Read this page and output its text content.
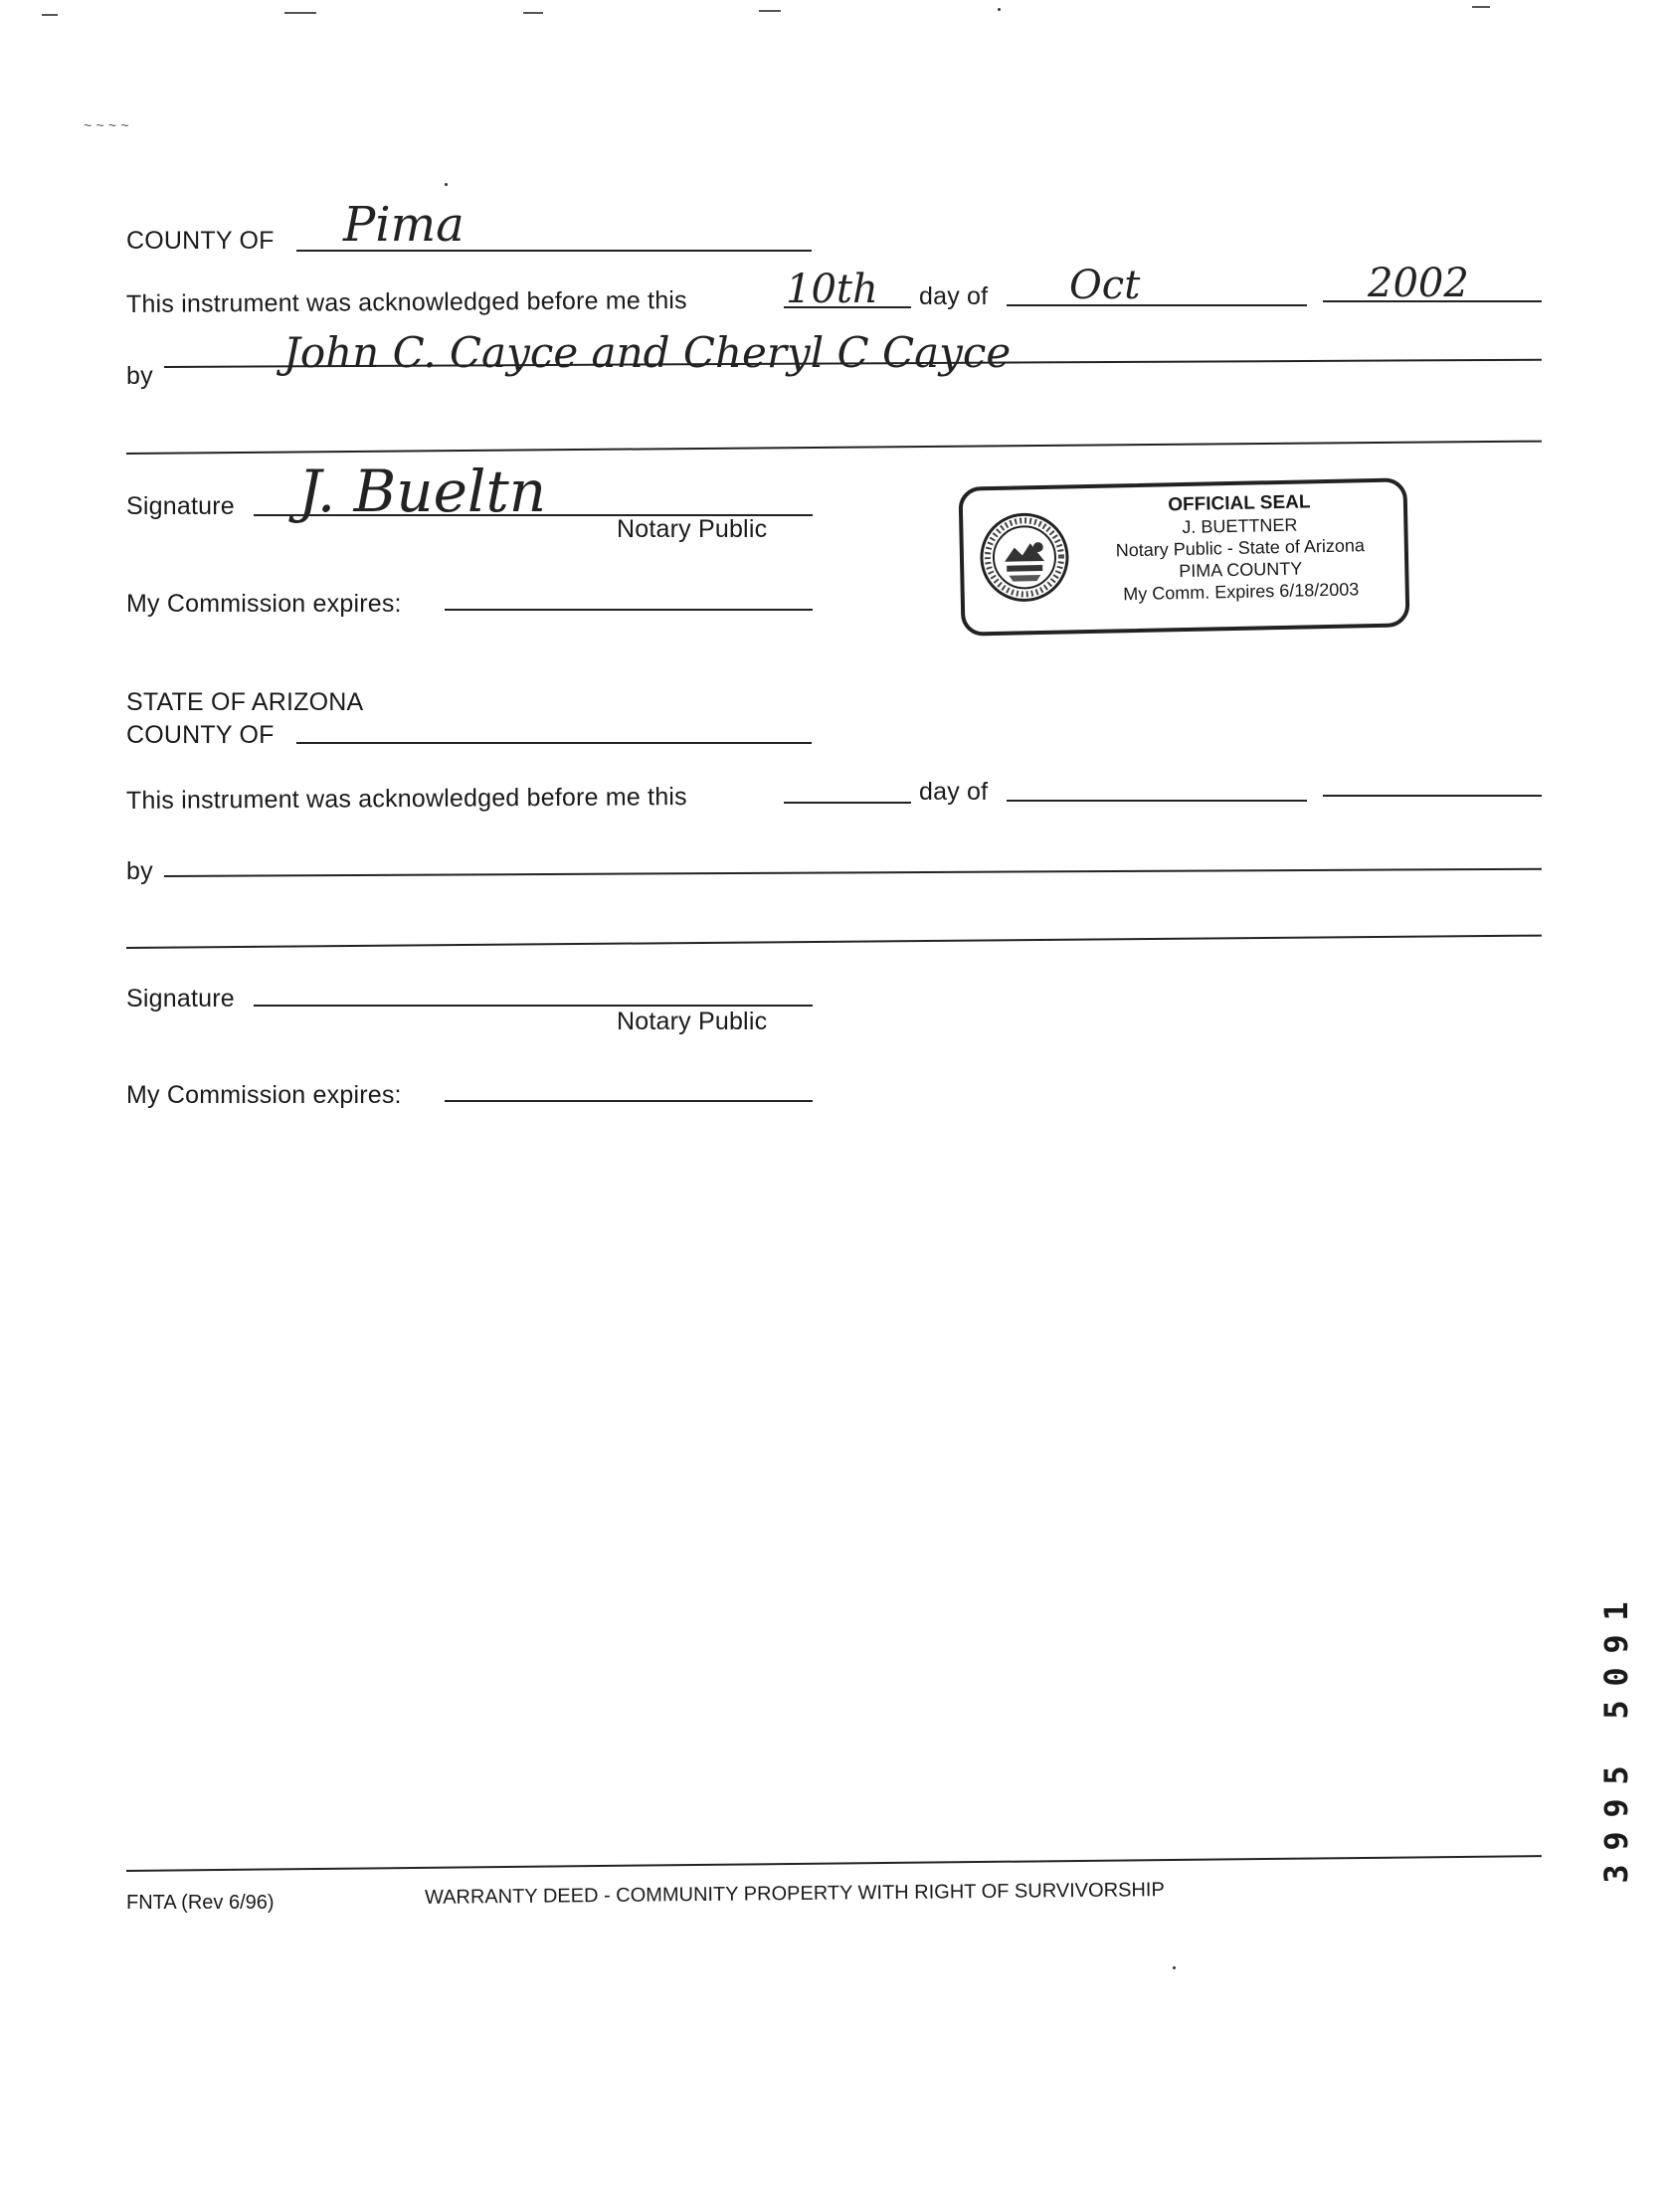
~ ~ ~ ~
COUNTY OF Pima
This instrument was acknowledged before me this 10th day of Oct	2002
by	John C. Cayce and Cheryl C Cayce
Signature J. Bueltn
Notary Public
My Commission expires:
OFFICIAL SEAL
J. BUETTNER
Notary Public - State of Arizona
PIMA COUNTY
My Comm. Expires 6/18/2003
STATE OF ARIZONA
COUNTY OF
This instrument was acknowledged before me this	day of
by
Signature
Notary Public
My Commission expires:
3
9
9
5
5
0
9
1
FNTA (Rev 6/96)	WARRANTY DEED - COMMUNITY PROPERTY WITH RIGHT OF SURVIVORSHIP
